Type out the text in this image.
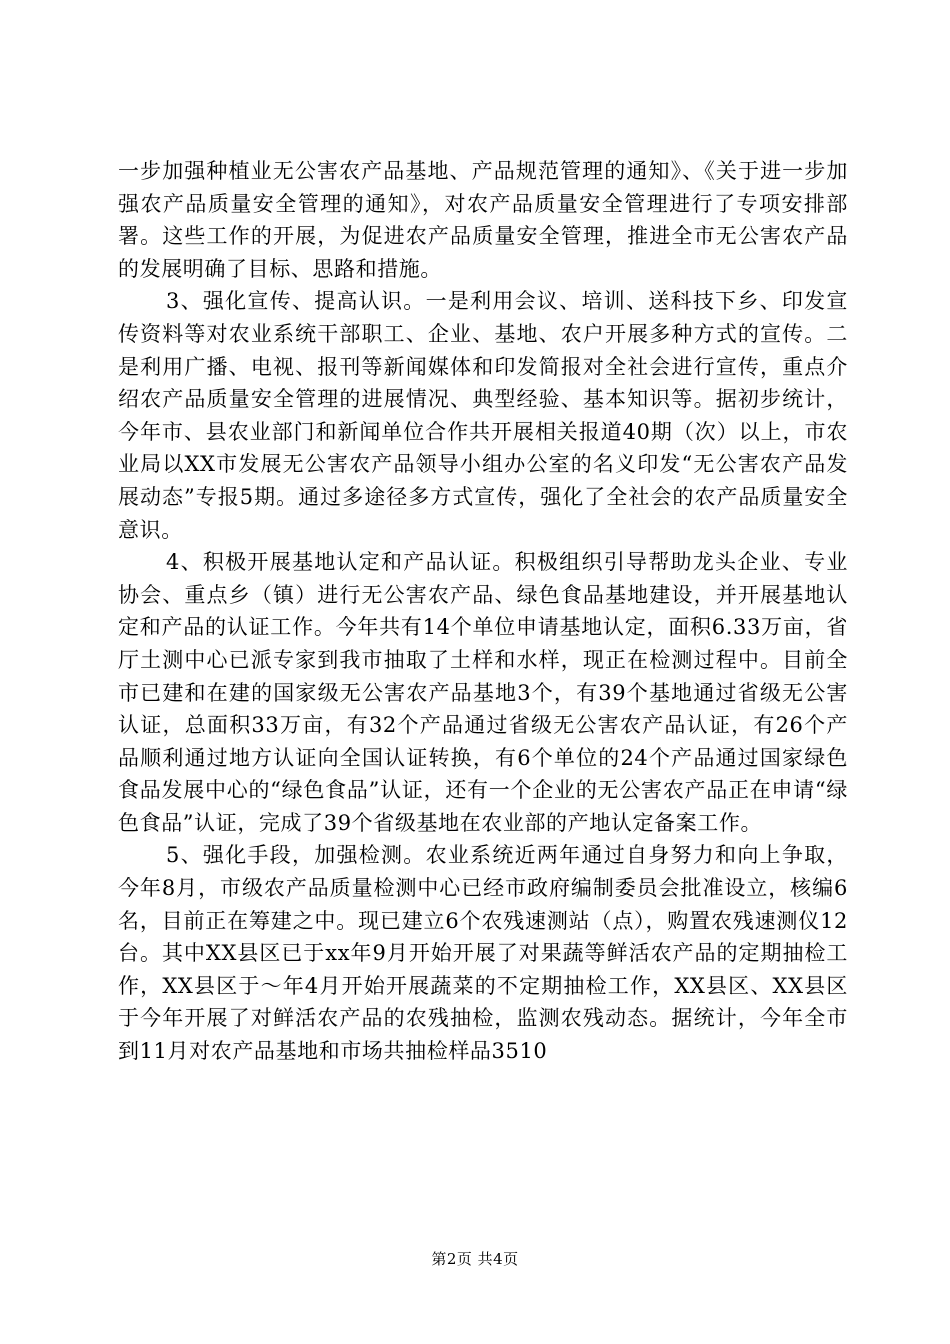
一步加强种植业无公害农产品基地、产品规范管理的通知》、《关于进一步加强农产品质量安全管理的通知》，对农产品质量安全管理进行了专项安排部署。这些工作的开展，为促进农产品质量安全管理，推进全市无公害农产品的发展明确了目标、思路和措施。

3、强化宣传、提高认识。一是利用会议、培训、送科技下乡、印发宣传资料等对农业系统干部职工、企业、基地、农户开展多种方式的宣传。二是利用广播、电视、报刊等新闻媒体和印发简报对全社会进行宣传，重点介绍农产品质量安全管理的进展情况、典型经验、基本知识等。据初步统计，今年市、县农业部门和新闻单位合作共开展相关报道40期（次）以上，市农业局以XX市发展无公害农产品领导小组办公室的名义印发“无公害农产品发展动态”专报5期。通过多途径多方式宣传，强化了全社会的农产品质量安全意识。

4、积极开展基地认定和产品认证。积极组织引导帮助龙头企业、专业协会、重点乡（镇）进行无公害农产品、绿色食品基地建设，并开展基地认定和产品的认证工作。今年共有14个单位申请基地认定，面积6.33万亩，省厅土测中心已派专家到我市抽取了土样和水样，现正在检测过程中。目前全市已建和在建的国家级无公害农产品基地3个，有39个基地通过省级无公害认证，总面积33万亩，有32个产品通过省级无公害农产品认证，有26个产品顺利通过地方认证向全国认证转换，有6个单位的24个产品通过国家绿色食品发展中心的“绿色食品”认证，还有一个企业的无公害农产品正在申请“绿色食品”认证，完成了39个省级基地在农业部的产地认定备案工作。

5、强化手段，加强检测。农业系统近两年通过自身努力和向上争取，今年8月，市级农产品质量检测中心已经市政府编制委员会批准设立，核编6名，目前正在筹建之中。现已建立6个农残速测站（点），购置农残速测仪12台。其中XX县区已于xx年9月开始开展了对果蔬等鲜活农产品的定期抽检工作，XX县区于～年4月开始开展蔬菜的不定期抽检工作，XX县区、XX县区于今年开展了对鲜活农产品的农残抽检，监测农残动态。据统计，今年全市到11月对农产品基地和市场共抽检样品3510

第2页 共4页
